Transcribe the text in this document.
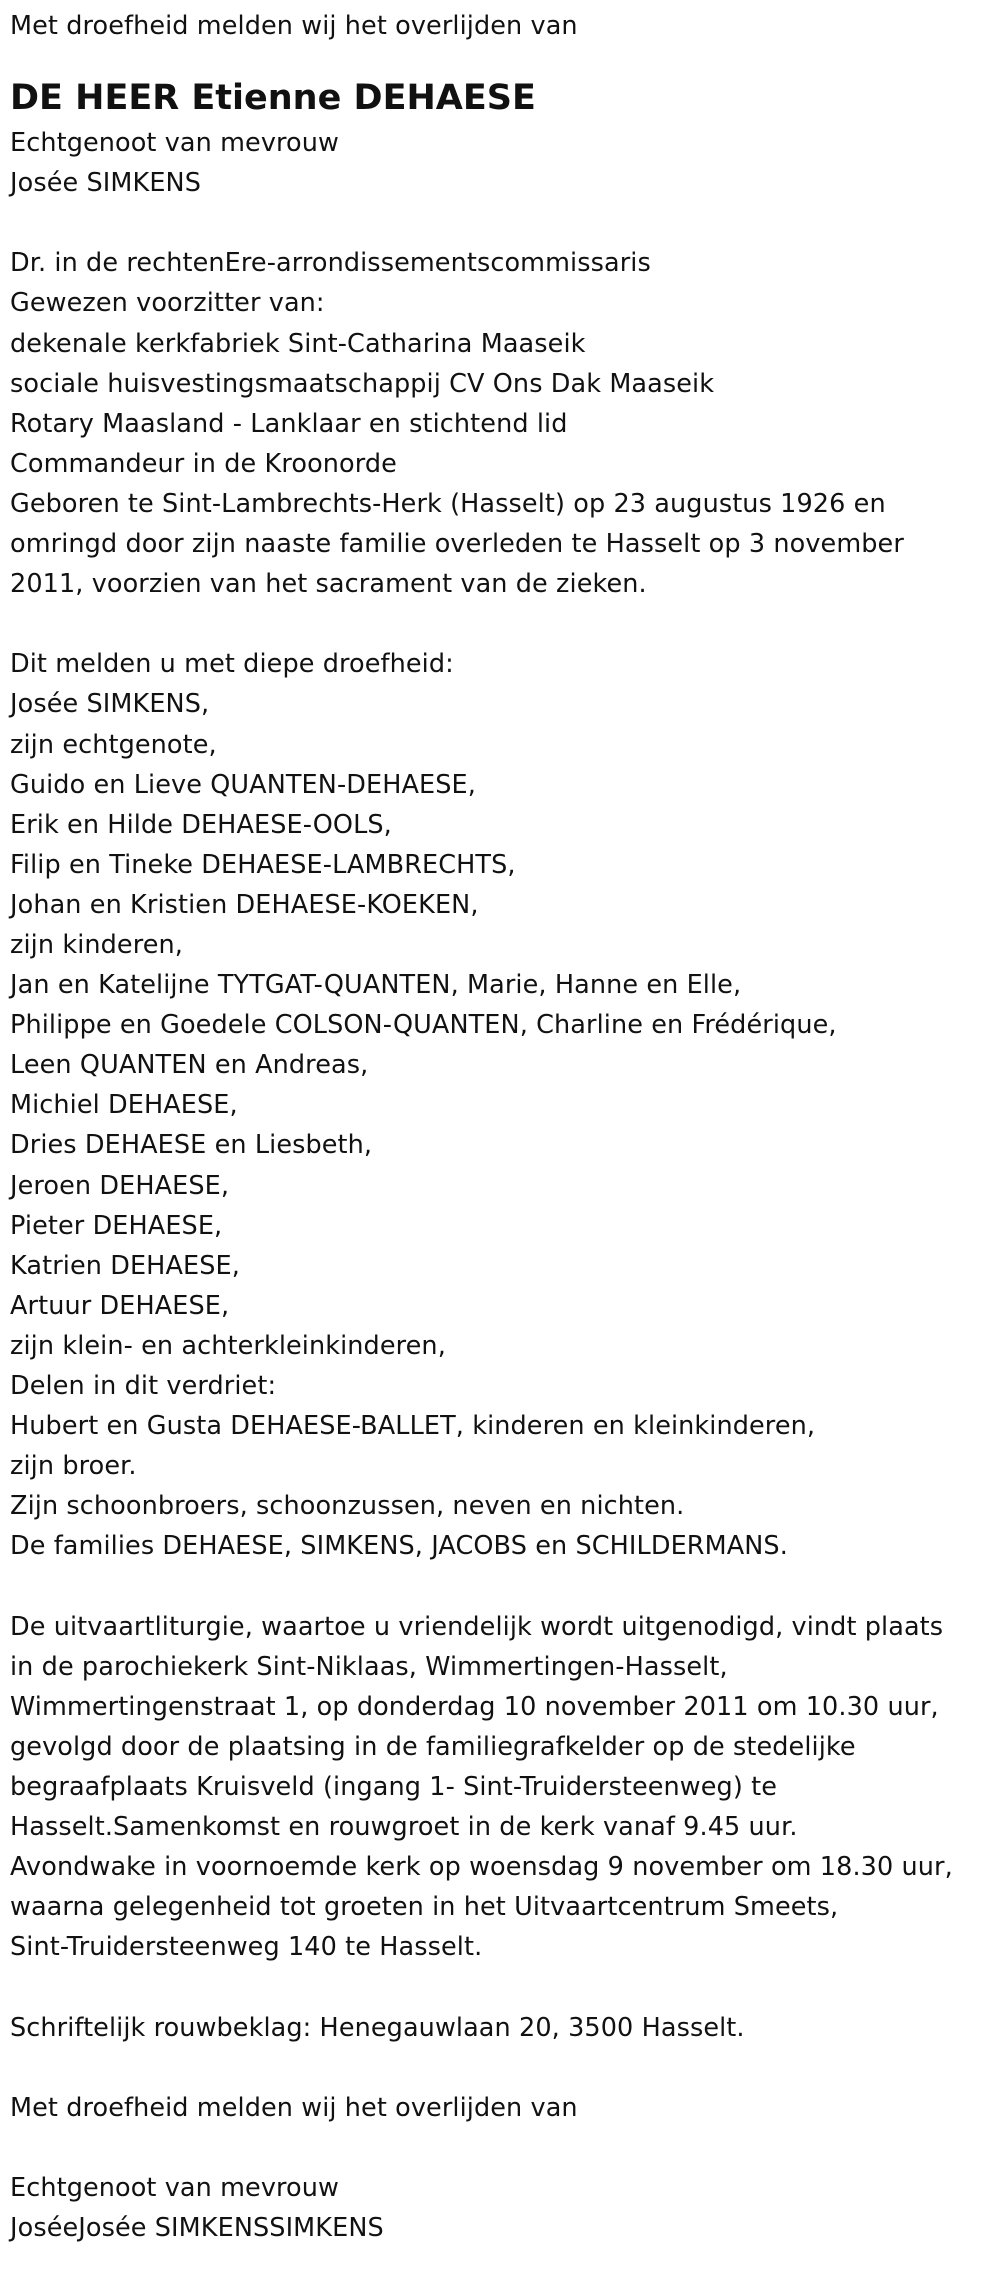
Met droefheid melden wij het overlijden van
DE HEER Etienne DEHAESE
Echtgenoot van mevrouw
Josée SIMKENS
Dr. in de rechtenEre-arrondissementscommissaris
Gewezen voorzitter van:
dekenale kerkfabriek Sint-Catharina Maaseik
sociale huisvestingsmaatschappij CV Ons Dak Maaseik
Rotary Maasland - Lanklaar en stichtend lid
Commandeur in de Kroonorde
Geboren te Sint-Lambrechts-Herk (Hasselt) op 23 augustus 1926 en
omringd door zijn naaste familie overleden te Hasselt op 3 november
2011, voorzien van het sacrament van de zieken.
Dit melden u met diepe droefheid:
Josée SIMKENS,
zijn echtgenote,
Guido en Lieve QUANTEN-DEHAESE,
Erik en Hilde DEHAESE-OOLS,
Filip en Tineke DEHAESE-LAMBRECHTS,
Johan en Kristien DEHAESE-KOEKEN,
zijn kinderen,
Jan en Katelijne TYTGAT-QUANTEN, Marie, Hanne en Elle,
Philippe en Goedele COLSON-QUANTEN, Charline en Frédérique,
Leen QUANTEN en Andreas,
Michiel DEHAESE,
Dries DEHAESE en Liesbeth,
Jeroen DEHAESE,
Pieter DEHAESE,
Katrien DEHAESE,
Artuur DEHAESE,
zijn klein- en achterkleinkinderen,
Delen in dit verdriet:
Hubert en Gusta DEHAESE-BALLET, kinderen en kleinkinderen,
zijn broer.
Zijn schoonbroers, schoonzussen, neven en nichten.
De families DEHAESE, SIMKENS, JACOBS en SCHILDERMANS.
De uitvaartliturgie, waartoe u vriendelijk wordt uitgenodigd, vindt plaats
in de parochiekerk Sint-Niklaas, Wimmertingen-Hasselt,
Wimmertingenstraat 1, op donderdag 10 november 2011 om 10.30 uur,
gevolgd door de plaatsing in de familiegrafkelder op de stedelijke
begraafplaats Kruisveld (ingang 1- Sint-Truidersteenweg) te
Hasselt.Samenkomst en rouwgroet in de kerk vanaf 9.45 uur.
Avondwake in voornoemde kerk op woensdag 9 november om 18.30 uur,
waarna gelegenheid tot groeten in het Uitvaartcentrum Smeets,
Sint-Truidersteenweg 140 te Hasselt.
Schriftelijk rouwbeklag: Henegauwlaan 20, 3500 Hasselt.
Met droefheid melden wij het overlijden van
Echtgenoot van mevrouw
JoséeJosée SIMKENSSIMKENS
